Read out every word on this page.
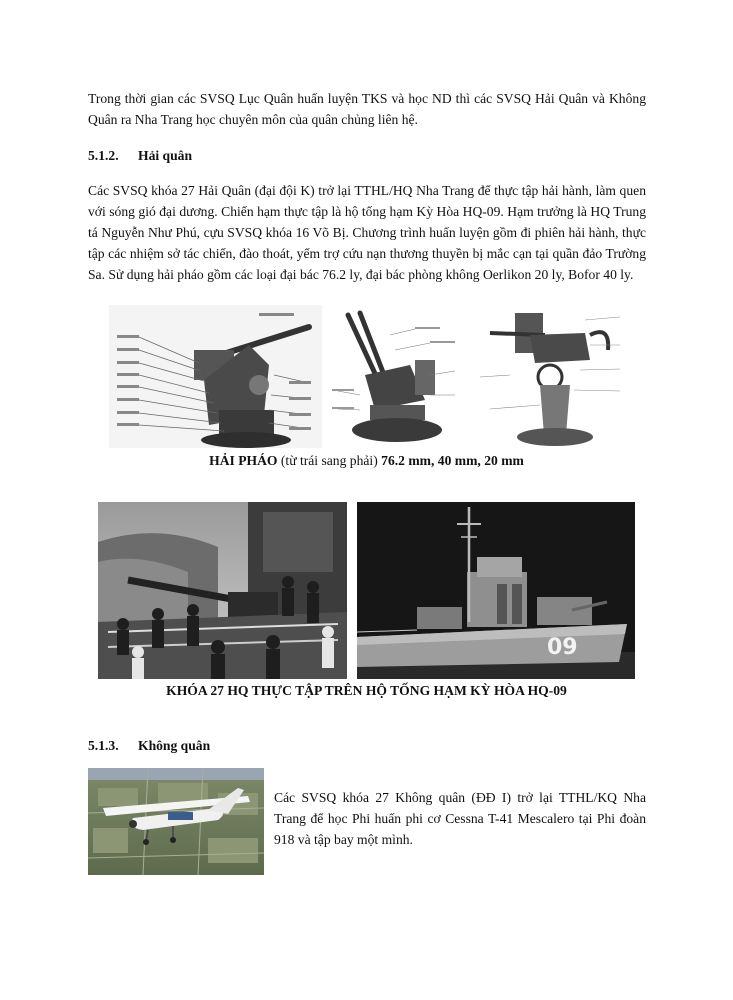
Trong thời gian các SVSQ Lục Quân huấn luyện TKS và học ND thì các SVSQ Hải Quân và Không Quân ra Nha Trang học chuyên môn của quân chủng liên hệ.

5.1.2. Hải quân

Các SVSQ khóa 27 Hải Quân (đại đội K) trở lại TTHL/HQ Nha Trang để thực tập hải hành, làm quen với sóng gió đại dương. Chiến hạm thực tập là hộ tống hạm Kỳ Hòa HQ-09. Hạm trưởng là HQ Trung tá Nguyễn Như Phú, cựu SVSQ khóa 16 Võ Bị. Chương trình huấn luyện gồm đi phiên hải hành, thực tập các nhiệm sở tác chiến, đào thoát, yểm trợ cứu nạn thương thuyền bị mắc cạn tại quần đảo Trường Sa. Sử dụng hải pháo gồm các loại đại bác 76.2 ly, đại bác phòng không Oerlikon 20 ly, Bofor 40 ly.

HẢI PHÁO (từ trái sang phải) 76.2 mm, 40 mm, 20 mm
09
KHÓA 27 HQ THỰC TẬP TRÊN HỘ TỐNG HẠM KỲ HÒA HQ-09
5.1.3. Không quân

Các SVSQ khóa 27 Không quân (ĐĐ I) trở lại TTHL/KQ Nha Trang để học Phi huấn phi cơ Cessna T-41 Mescalero tại Phi đoàn 918 và tập bay một mình.
